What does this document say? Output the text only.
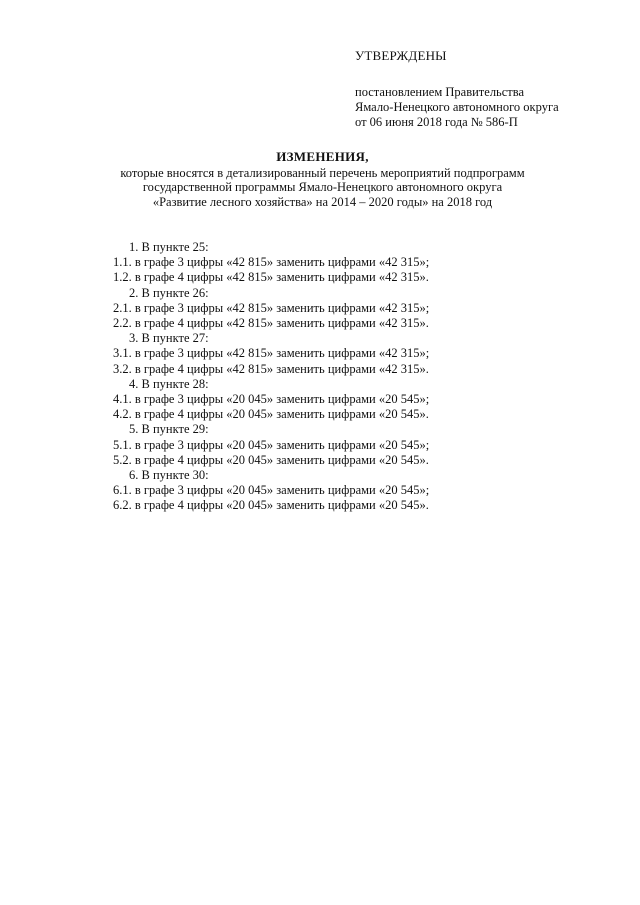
УТВЕРЖДЕНЫ
постановлением Правительства
Ямало-Ненецкого автономного округа
от 06 июня 2018 года № 586-П
ИЗМЕНЕНИЯ,
которые вносятся в детализированный перечень мероприятий подпрограмм
государственной программы Ямало-Ненецкого автономного округа
«Развитие лесного хозяйства» на 2014 – 2020 годы» на 2018 год
1. В пункте 25:
1.1. в графе 3 цифры «42 815» заменить цифрами «42 315»;
1.2. в графе 4 цифры «42 815» заменить цифрами «42 315».
2. В пункте 26:
2.1. в графе 3 цифры «42 815» заменить цифрами «42 315»;
2.2. в графе 4 цифры «42 815» заменить цифрами «42 315».
3. В пункте 27:
3.1. в графе 3 цифры «42 815» заменить цифрами «42 315»;
3.2. в графе 4 цифры «42 815» заменить цифрами «42 315».
4. В пункте 28:
4.1. в графе 3 цифры «20 045» заменить цифрами «20 545»;
4.2. в графе 4 цифры «20 045» заменить цифрами «20 545».
5. В пункте 29:
5.1. в графе 3 цифры «20 045» заменить цифрами «20 545»;
5.2. в графе 4 цифры «20 045» заменить цифрами «20 545».
6. В пункте 30:
6.1. в графе 3 цифры «20 045» заменить цифрами «20 545»;
6.2. в графе 4 цифры «20 045» заменить цифрами «20 545».
